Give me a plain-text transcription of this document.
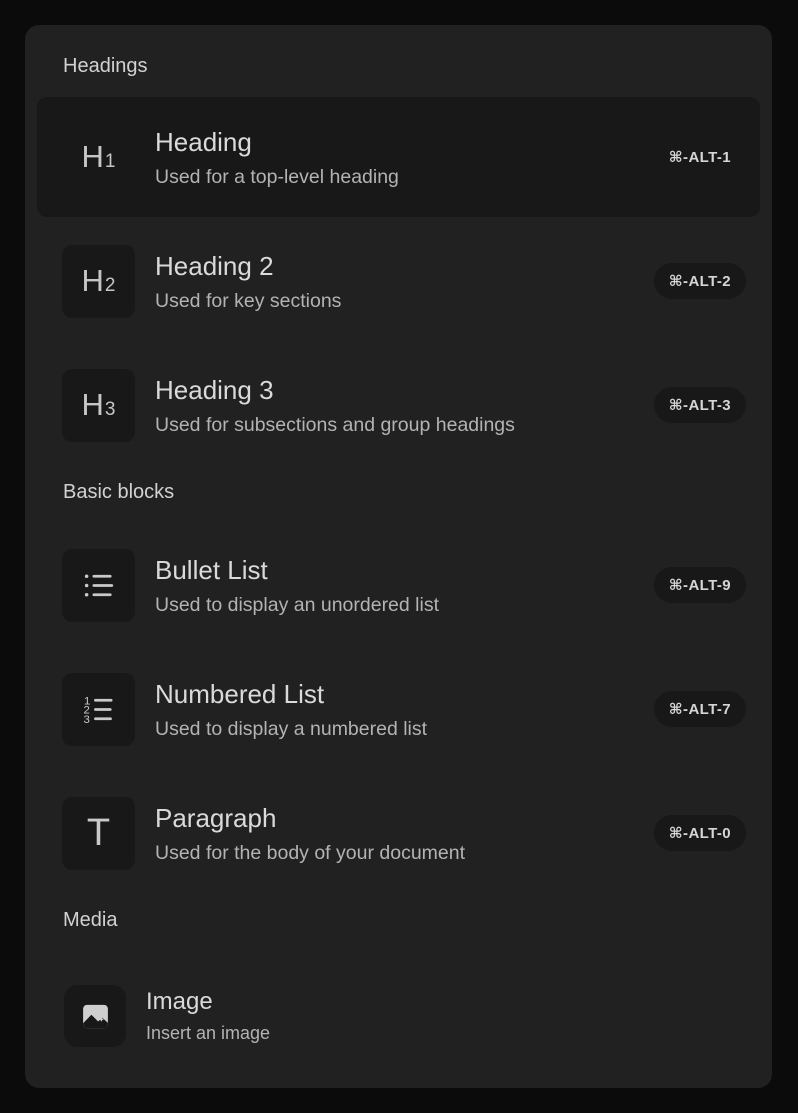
Headings
H 1
Heading
Used for a top-level heading
⌘-ALT-1
H 2
Heading 2
Used for key sections
⌘-ALT-2
H 3
Heading 3
Used for subsections and group headings
⌘-ALT-3
Basic blocks
Bullet List
Used to display an unordered list
⌘-ALT-9
1
2
3
Numbered List
Used to display a numbered list
⌘-ALT-7
T Paragraph
Used for the body of your document
⌘-ALT-0
Media
Image
Insert an image
